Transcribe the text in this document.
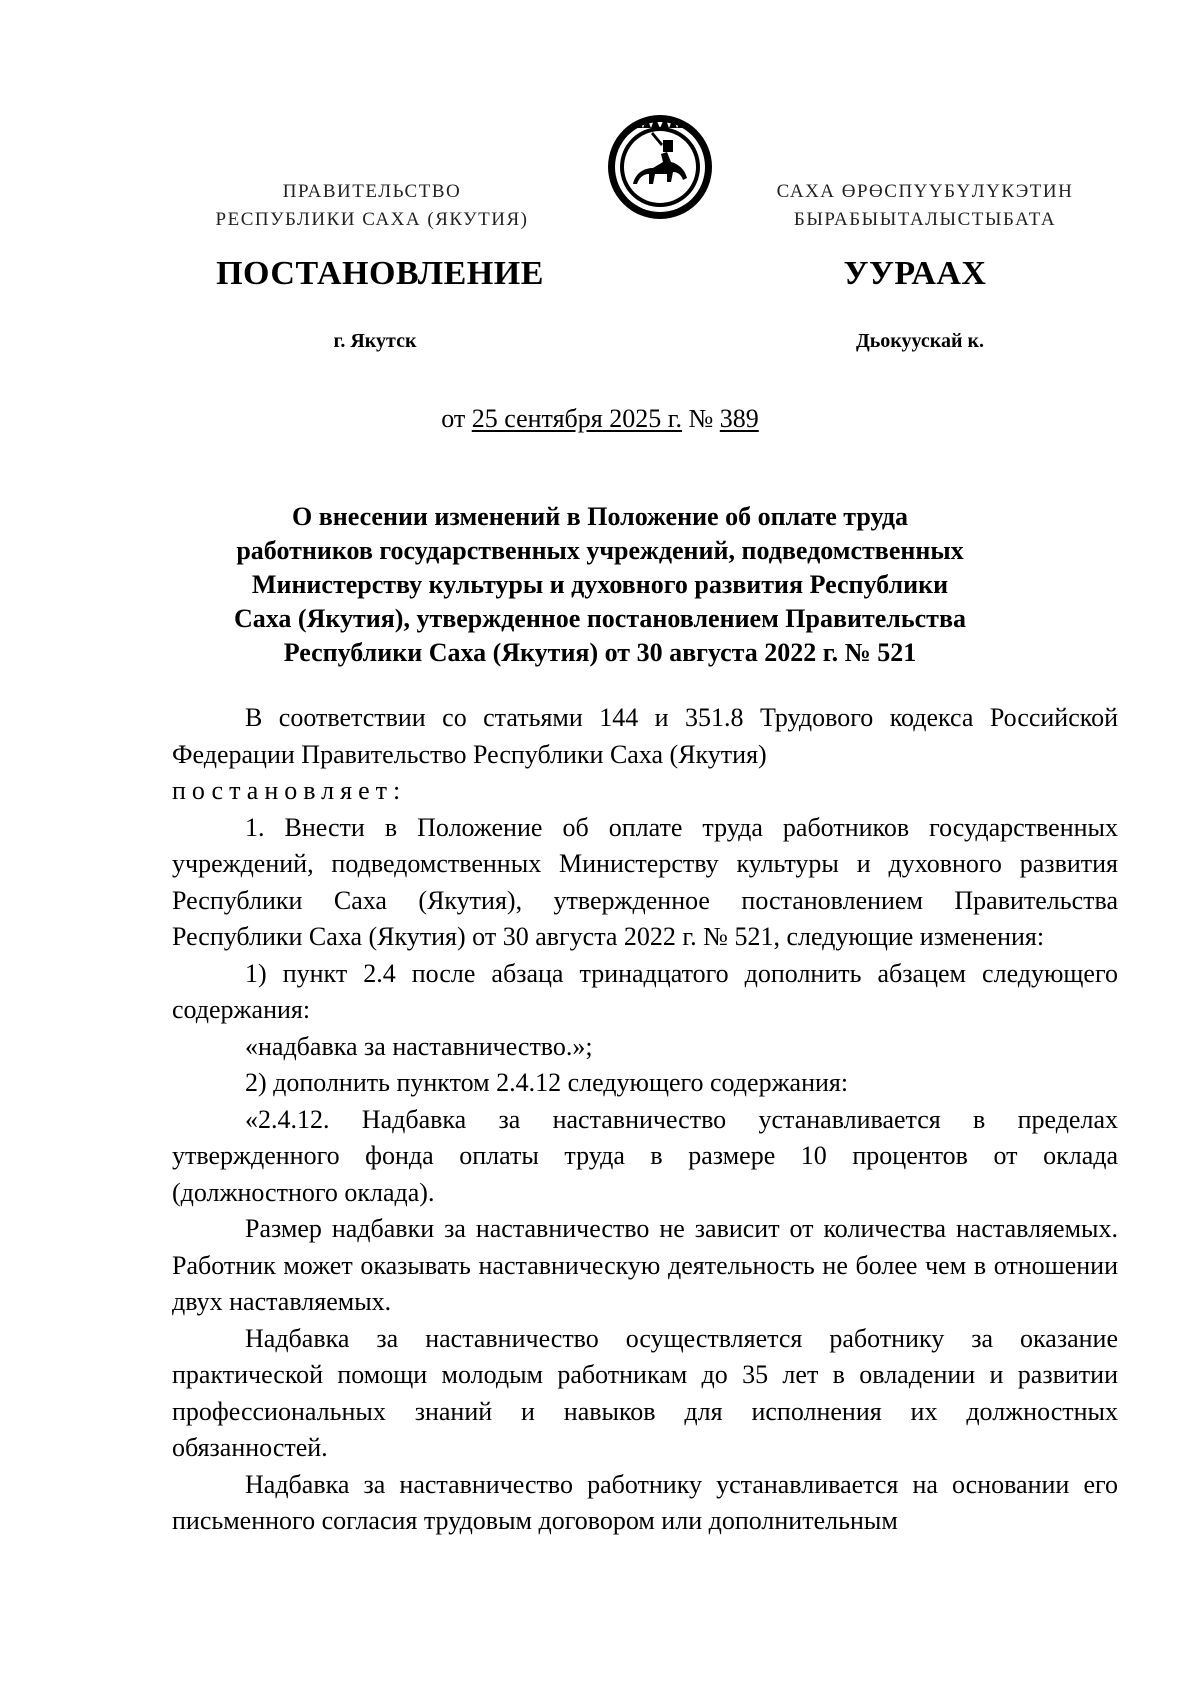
ПРАВИТЕЛЬСТВО
РЕСПУБЛИКИ САХА (ЯКУТИЯ)
САХА ӨРӨСПҮҮБҮЛҮКЭТИН
БЫРАБЫЫТАЛЫСТЫБАТА
ПОСТАНОВЛЕНИЕ	УУРААХ
г. Якутск	Дьокуускай к.
от 25 сентября 2025 г. № 389
О внесении изменений в Положение об оплате труда
работников государственных учреждений, подведомственных
Министерству культуры и духовного развития Республики
Саха (Якутия), утвержденное постановлением Правительства
Республики Саха (Якутия) от 30 августа 2022 г. № 521

В соответствии со статьями 144 и 351.8 Трудового кодекса Российской Федерации Правительство Республики Саха (Якутия)

постановляет:

1. Внести в Положение об оплате труда работников государственных учреждений, подведомственных Министерству культуры и духовного развития Республики Саха (Якутия), утвержденное постановлением Правительства Республики Саха (Якутия) от 30 августа 2022 г. № 521, следующие изменения:

1) пункт 2.4 после абзаца тринадцатого дополнить абзацем следующего содержания:

«надбавка за наставничество.»;

2) дополнить пунктом 2.4.12 следующего содержания:

«2.4.12. Надбавка за наставничество устанавливается в пределах утвержденного фонда оплаты труда в размере 10 процентов от оклада (должностного оклада).

Размер надбавки за наставничество не зависит от количества наставляемых. Работник может оказывать наставническую деятельность не более чем в отношении двух наставляемых.

Надбавка за наставничество осуществляется работнику за оказание практической помощи молодым работникам до 35 лет в овладении и развитии профессиональных знаний и навыков для исполнения их должностных обязанностей.

Надбавка за наставничество работнику устанавливается на основании его письменного согласия трудовым договором или дополнительным
